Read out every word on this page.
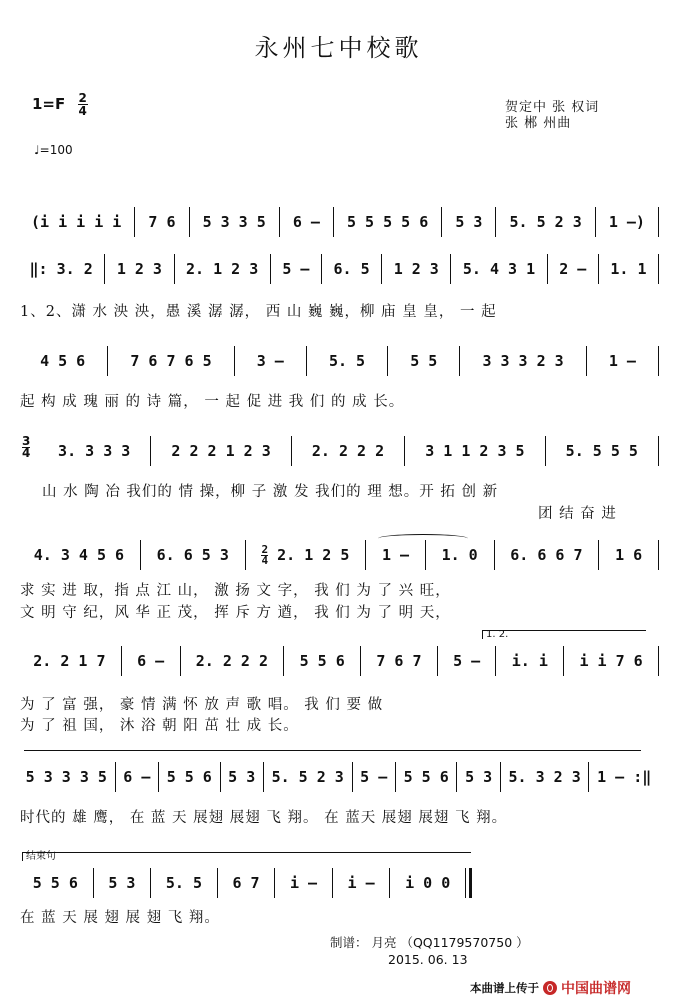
永州七中校歌
$1=F \frac{2}{4}$
♩=100
贺定中 张 权词
张 郴 州曲
(i i i i i	7 6	5 3 3 5	6 –	5 5 5 5 6	5 3	5. 5 2 3	1 –)
‖: 3. 2	1 2 3	2. 1 2 3	5 –	6. 5	1 2 3	5. 4 3 1	2 –	1. 1
1、2、潇 水 泱 泱，愚 溪 潺 潺， 西 山 巍 巍，柳 庙 皇 皇， 一 起
4 5 6	7 6 7 6 5	3 –	5. 5	5 5	3 3 3 2 3	1 –
起 构 成 瑰 丽 的 诗 篇， 一 起 促 进 我 们 的 成 长。
$\frac{3}{4}$	3. 3 3 3	2 2 2 1 2 3	2. 2 2 2	3 1 1 2 3 5	5. 5 5 5
山 水 陶 冶 我们的 情 操，柳 子 激 发 我们的 理 想。开 拓 创 新
团 结 奋 进
4. 3 4 5 6	6. 6 5 3	$\frac{2}{4} 2$. 1 2 5	1 –	1. 0	6. 6 6 7	1 6
求 实 进 取，指 点 江 山， 激 扬 文 字， 我 们 为 了 兴 旺，
文 明 守 纪，风 华 正 茂， 挥 斥 方 遒， 我 们 为 了 明 天，
1. 2.
2. 2 1 7	6 –	2. 2 2 2	5 5 6	7 6 7	5 –	i. i	i i 7 6
为 了 富 强， 豪 情 满 怀 放 声 歌 唱。 我 们 要 做
为 了 祖 国， 沐 浴 朝 阳 茁 壮 成 长。
5 3 3 3 5	6 –	5 5 6	5 3	5. 5 2 3	5 –	5 5 6	5 3	5. 3 2 3	1 – :‖
时代的 雄 鹰， 在 蓝 天 展翅 展翅 飞 翔。 在 蓝天 展翅 展翅 飞 翔。
结束句
5 5 6	5 3	5. 5	6 7	i –	i –	i 0 0
在 蓝 天 展 翅 展 翅 飞 翔。
制谱： 月亮 （QQ1179570750 ）
2015. 06. 13
本曲谱上传于 中国曲谱网
